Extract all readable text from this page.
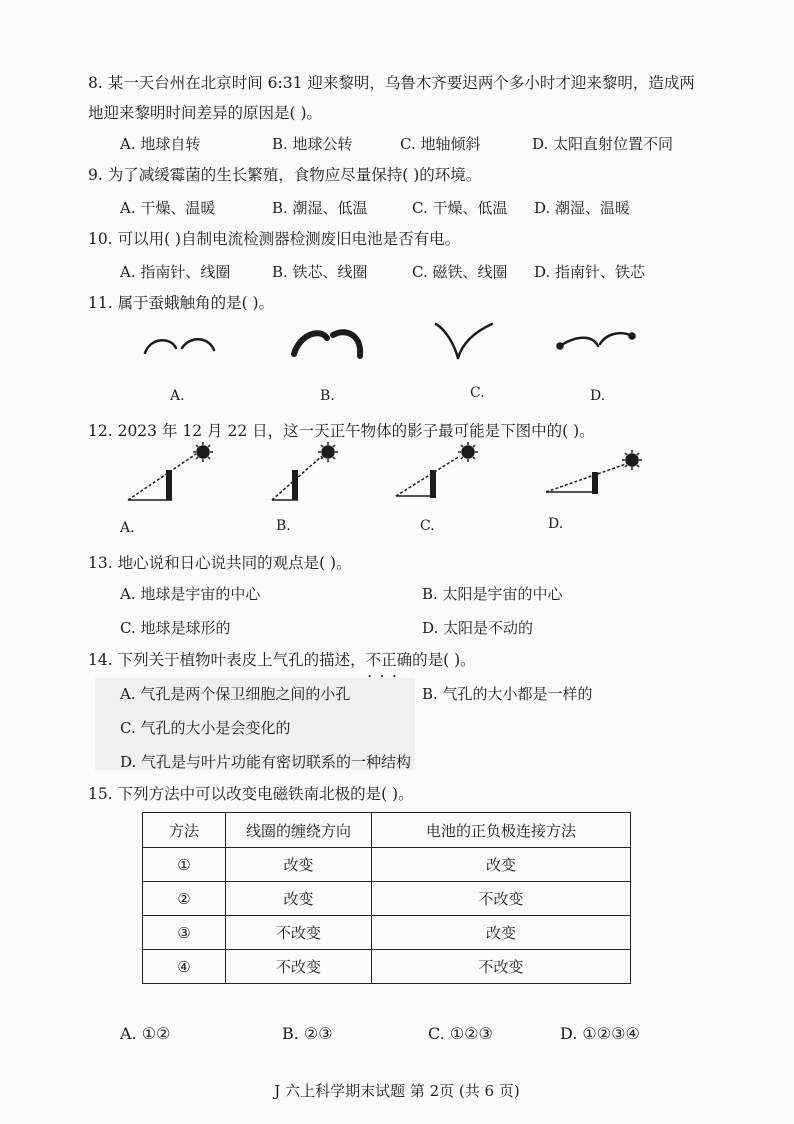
8. 某一天台州在北京时间 6:31 迎来黎明，乌鲁木齐要迟两个多小时才迎来黎明，造成两
地迎来黎明时间差异的原因是( )。
A. 地球自转	B. 地球公转	C. 地轴倾斜	D. 太阳直射位置不同
9. 为了减缓霉菌的生长繁殖，食物应尽量保持( )的环境。
A. 干燥、温暖	B. 潮湿、低温	C. 干燥、低温 D. 潮湿、温暖
10. 可以用( )自制电流检测器检测废旧电池是否有电。
A. 指南针、线圈	B. 铁芯、线圈	C. 磁铁、线圈 D. 指南针、铁芯
11. 属于蚕蛾触角的是( )。
A.	B.	C.	D.
12. 2023 年 12 月 22 日，这一天正午物体的影子最可能是下图中的( )。
A.	B.	C.	D.
13. 地心说和日心说共同的观点是( )。
A. 地球是宇宙的中心	B. 太阳是宇宙的中心
C. 地球是球形的	D. 太阳是不动的
14. 下列关于植物叶表皮上气孔的描述，不正确 • • •的是( )。
A. 气孔是两个保卫细胞之间的小孔	B. 气孔的大小都是一样的
C. 气孔的大小是会变化的
D. 气孔是与叶片功能有密切联系的一种结构
15. 下列方法中可以改变电磁铁南北极的是( )。
方法	线圈的缠绕方向	电池的正负极连接方法
①	改变	改变
②	改变	不改变
③	不改变	改变
④	不改变	不改变
A. ①②	B. ②③	C. ①②③	D. ①②③④
J 六上科学期末试题 第 2页 (共 6 页)
